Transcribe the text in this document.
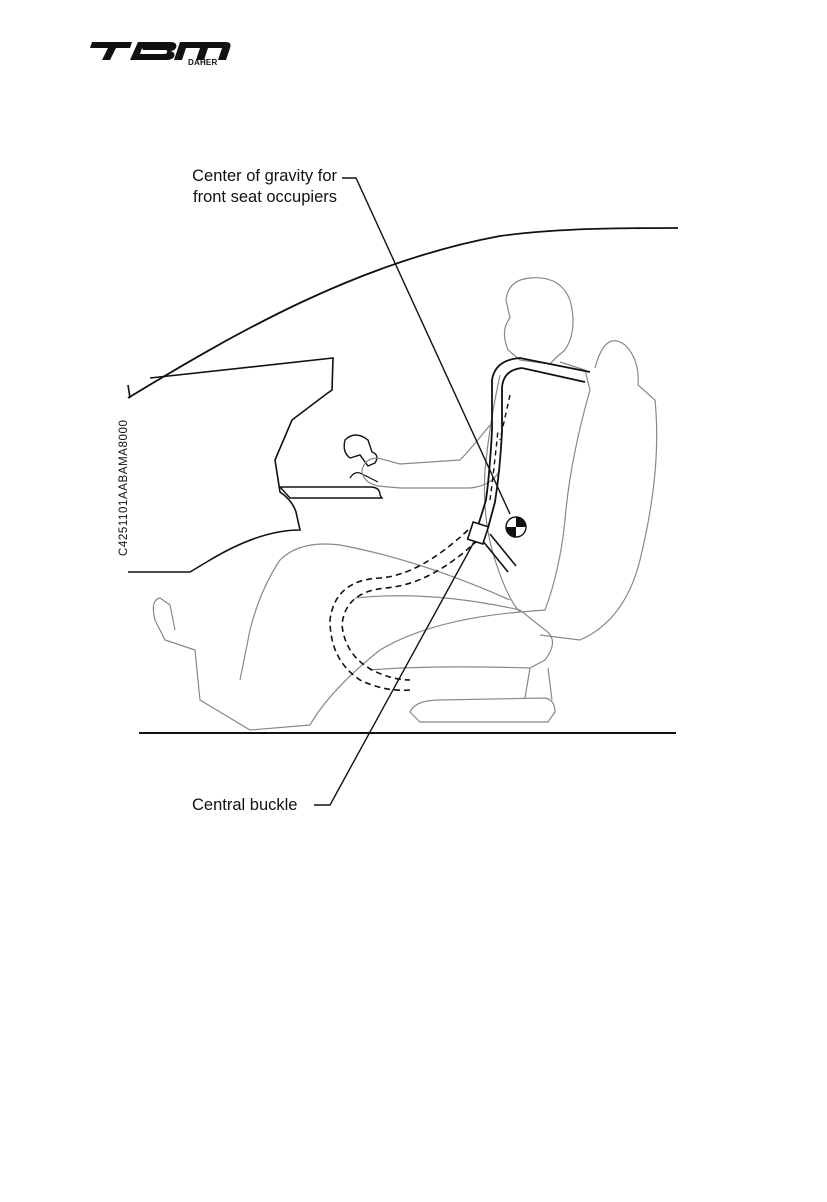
DAHER
Center of gravity for
front seat occupiers
Central buckle
C4251101AABAMA8000
